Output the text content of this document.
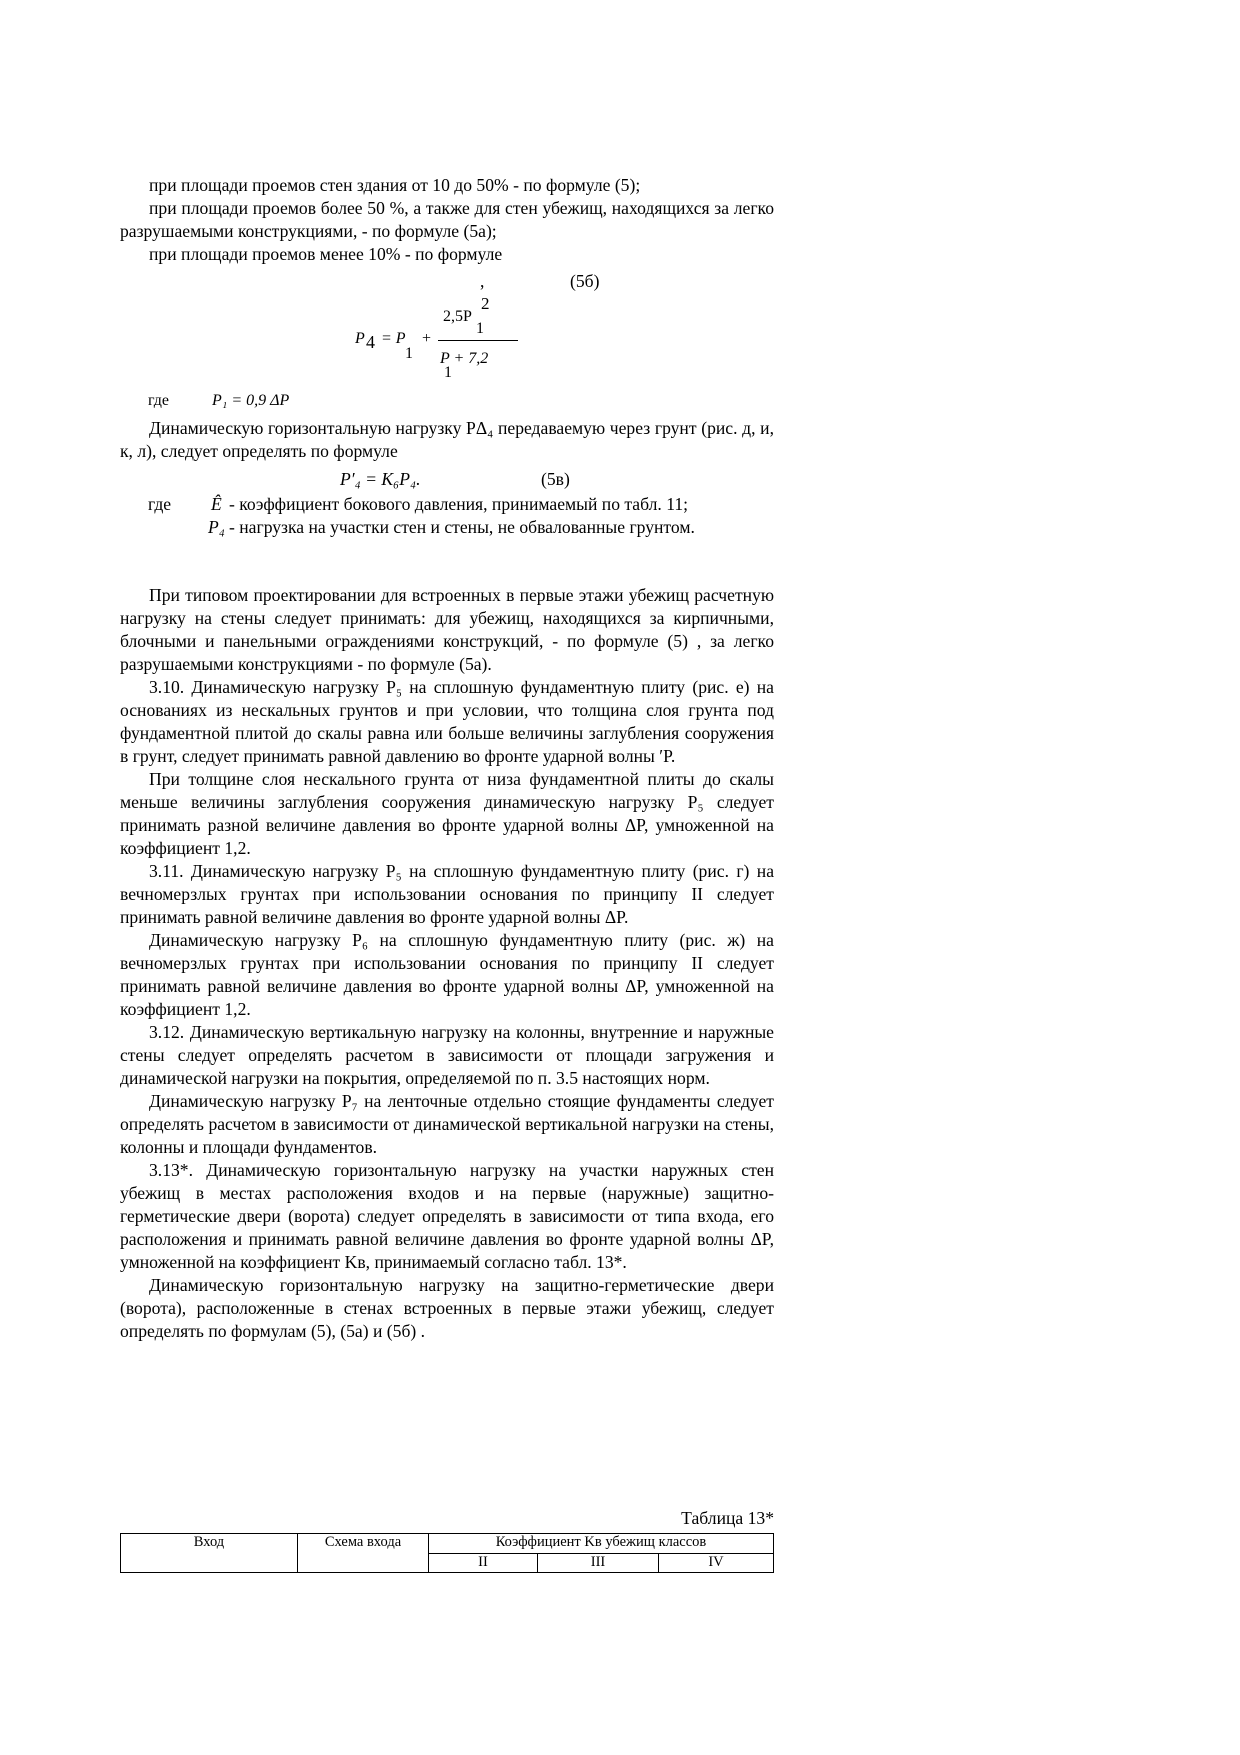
при площади проемов стен здания от 10 до 50% - по формуле (5);

при площади проемов более 50 %, а также для стен убежищ, находящихся за легко разрушаемыми конструкциями, - по формуле (5а);

при площади проемов менее 10% - по формуле

,	(5б)
P 4 = P
1
+
2,5P
2
1
P + 7,2
1
где	P₁ = 0,9 ΔP

Динамическую горизонтальную нагрузку PΔ₄ передаваемую через грунт (рис. д, и, к, л), следует определять по формуле

P′₄ = K₆P₄.	(5в)
где Ê - коэффициент бокового давления, принимаемый по табл. 11;
P₄ - нагрузка на участки стен и стены, не обвалованные грунтом.

При типовом проектировании для встроенных в первые этажи убежищ расчетную нагрузку на стены следует принимать: для убежищ, находящихся за кирпичными, блочными и панельными ограждениями конструкций, - по формуле (5) , за легко разрушаемыми конструкциями - по формуле (5а).

3.10. Динамическую нагрузку P₅ на сплошную фундаментную плиту (рис. е) на основаниях из нескальных грунтов и при условии, что толщина слоя грунта под фундаментной плитой до скалы равна или больше величины заглубления сооружения в грунт, следует принимать равной давлению во фронте ударной волны ′P.

При толщине слоя нескального грунта от низа фундаментной плиты до скалы меньше величины заглубления сооружения динамическую нагрузку P₅ следует принимать разной величине давления во фронте ударной волны ΔP, умноженной на коэффициент 1,2.

3.11. Динамическую нагрузку P₅ на сплошную фундаментную плиту (рис. г) на вечномерзлых грунтах при использовании основания по принципу II следует принимать равной величине давления во фронте ударной волны ΔP.

Динамическую нагрузку P₆ на сплошную фундаментную плиту (рис. ж) на вечномерзлых грунтах при использовании основания по принципу II следует принимать равной величине давления во фронте ударной волны ΔP, умноженной на коэффициент 1,2.

3.12. Динамическую вертикальную нагрузку на колонны, внутренние и наружные стены следует определять расчетом в зависимости от площади загружения и динамической нагрузки на покрытия, определяемой по п. 3.5 настоящих норм.

Динамическую нагрузку P₇ на ленточные отдельно стоящие фундаменты следует определять расчетом в зависимости от динамической вертикальной нагрузки на стены, колонны и площади фундаментов.

3.13*. Динамическую горизонтальную нагрузку на участки наружных стен убежищ в местах расположения входов и на первые (наружные) защитно-герметические двери (ворота) следует определять в зависимости от типа входа, его расположения и принимать равной величине давления во фронте ударной волны ΔP, умноженной на коэффициент Kв, принимаемый согласно табл. 13*.

Динамическую горизонтальную нагрузку на защитно-герметические двери (ворота), расположенные в стенах встроенных в первые этажи убежищ, следует определять по формулам (5), (5а) и (5б) .

Таблица 13*
Вход	Схема входа	Коэффициент Kв убежищ классов		
		II	III	IV
